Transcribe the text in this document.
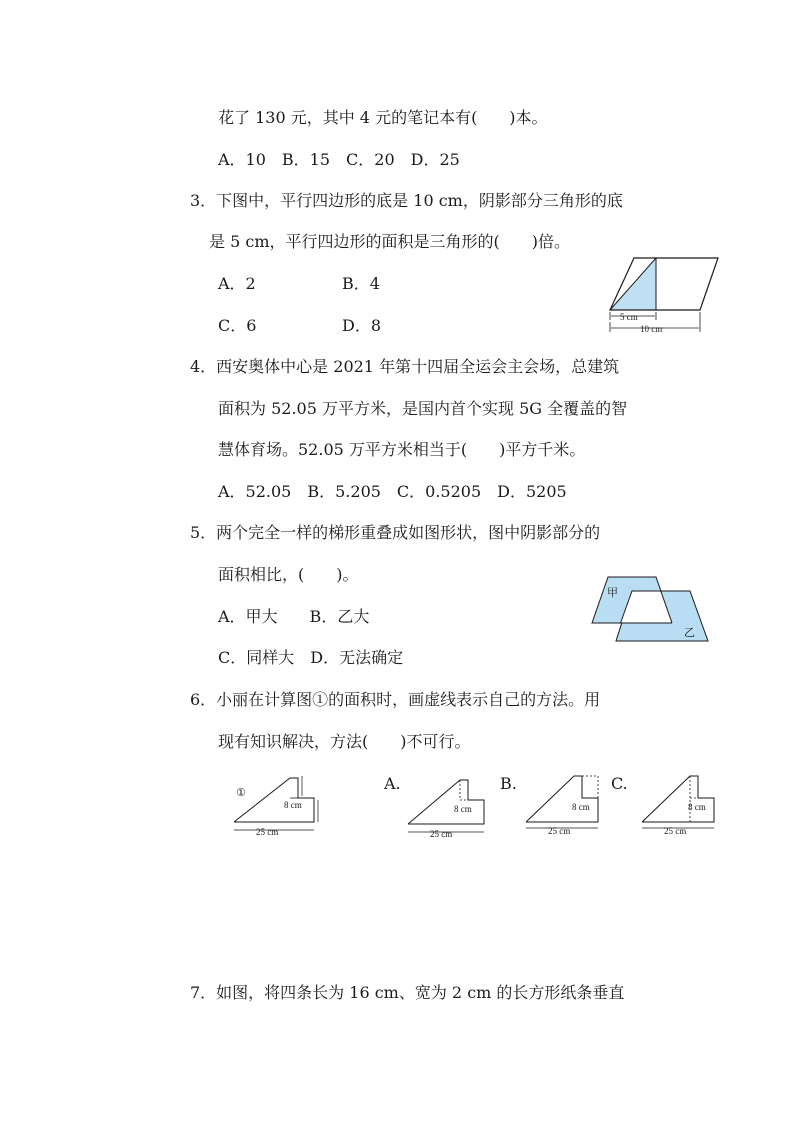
花了 130 元，其中 4 元的笔记本有(　　)本。
A．10　B．15　C．20　D．25
3．下图中，平行四边形的底是 10 cm，阴影部分三角形的底
是 5 cm，平行四边形的面积是三角形的(　　)倍。
A．2	B．4
C．6	D．8	5 cm
10 cm
4．西安奥体中心是 2021 年第十四届全运会主会场，总建筑
面积为 52.05 万平方米，是国内首个实现 5G 全覆盖的智
慧体育场。52.05 万平方米相当于(　　)平方千米。
A．52.05　B．5.205　C．0.5205　D．5205
5．两个完全一样的梯形重叠成如图形状，图中阴影部分的
面积相比，(　　)。
A．甲大　　B．乙大
C．同样大　D．无法确定
甲
乙
6．小丽在计算图①的面积时，画虚线表示自己的方法。用
现有知识解决，方法(　　)不可行。
①
8 cm
25 cm
A.
8 cm
25 cm
B.
8 cm
25 cm
C.
8 cm
25 cm
7．如图，将四条长为 16 cm、宽为 2 cm 的长方形纸条垂直
